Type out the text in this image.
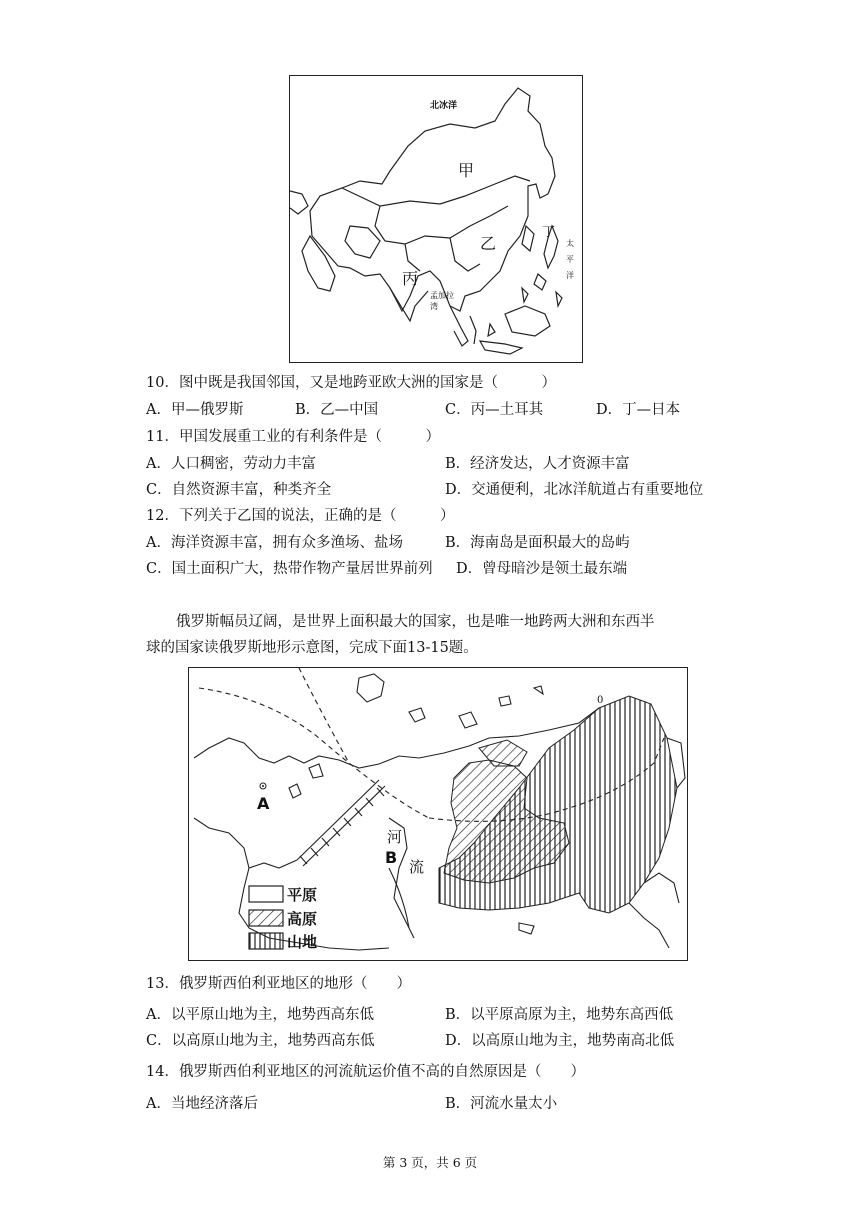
北冰洋
甲
乙
丙
丁
太平洋
孟加拉湾
10．图中既是我国邻国，又是地跨亚欧大洲的国家是（　　　）
A．甲—俄罗斯	B．乙—中国	C．丙—土耳其	D．丁—日本
11．甲国发展重工业的有利条件是（　　　）
A．人口稠密，劳动力丰富	B．经济发达，人才资源丰富
C．自然资源丰富，种类齐全	D．交通便利，北冰洋航道占有重要地位
12．下列关于乙国的说法，正确的是（　　　）
A．海洋资源丰富，拥有众多渔场、盐场	B．海南岛是面积最大的岛屿
C．国土面积广大，热带作物产量居世界前列 D．曾母暗沙是领土最东端
俄罗斯幅员辽阔，是世界上面积最大的国家，也是唯一地跨两大洲和东西半
球的国家读俄罗斯地形示意图，完成下面13-15题。
A
B
河
流
0
平原
高原
山地
13．俄罗斯西伯利亚地区的地形（　　）
A．以平原山地为主，地势西高东低	B．以平原高原为主，地势东高西低
C．以高原山地为主，地势西高东低	D．以高原山地为主，地势南高北低
14．俄罗斯西伯利亚地区的河流航运价值不高的自然原因是（　　）
A．当地经济落后	B．河流水量太小
第 3 页，共 6 页
